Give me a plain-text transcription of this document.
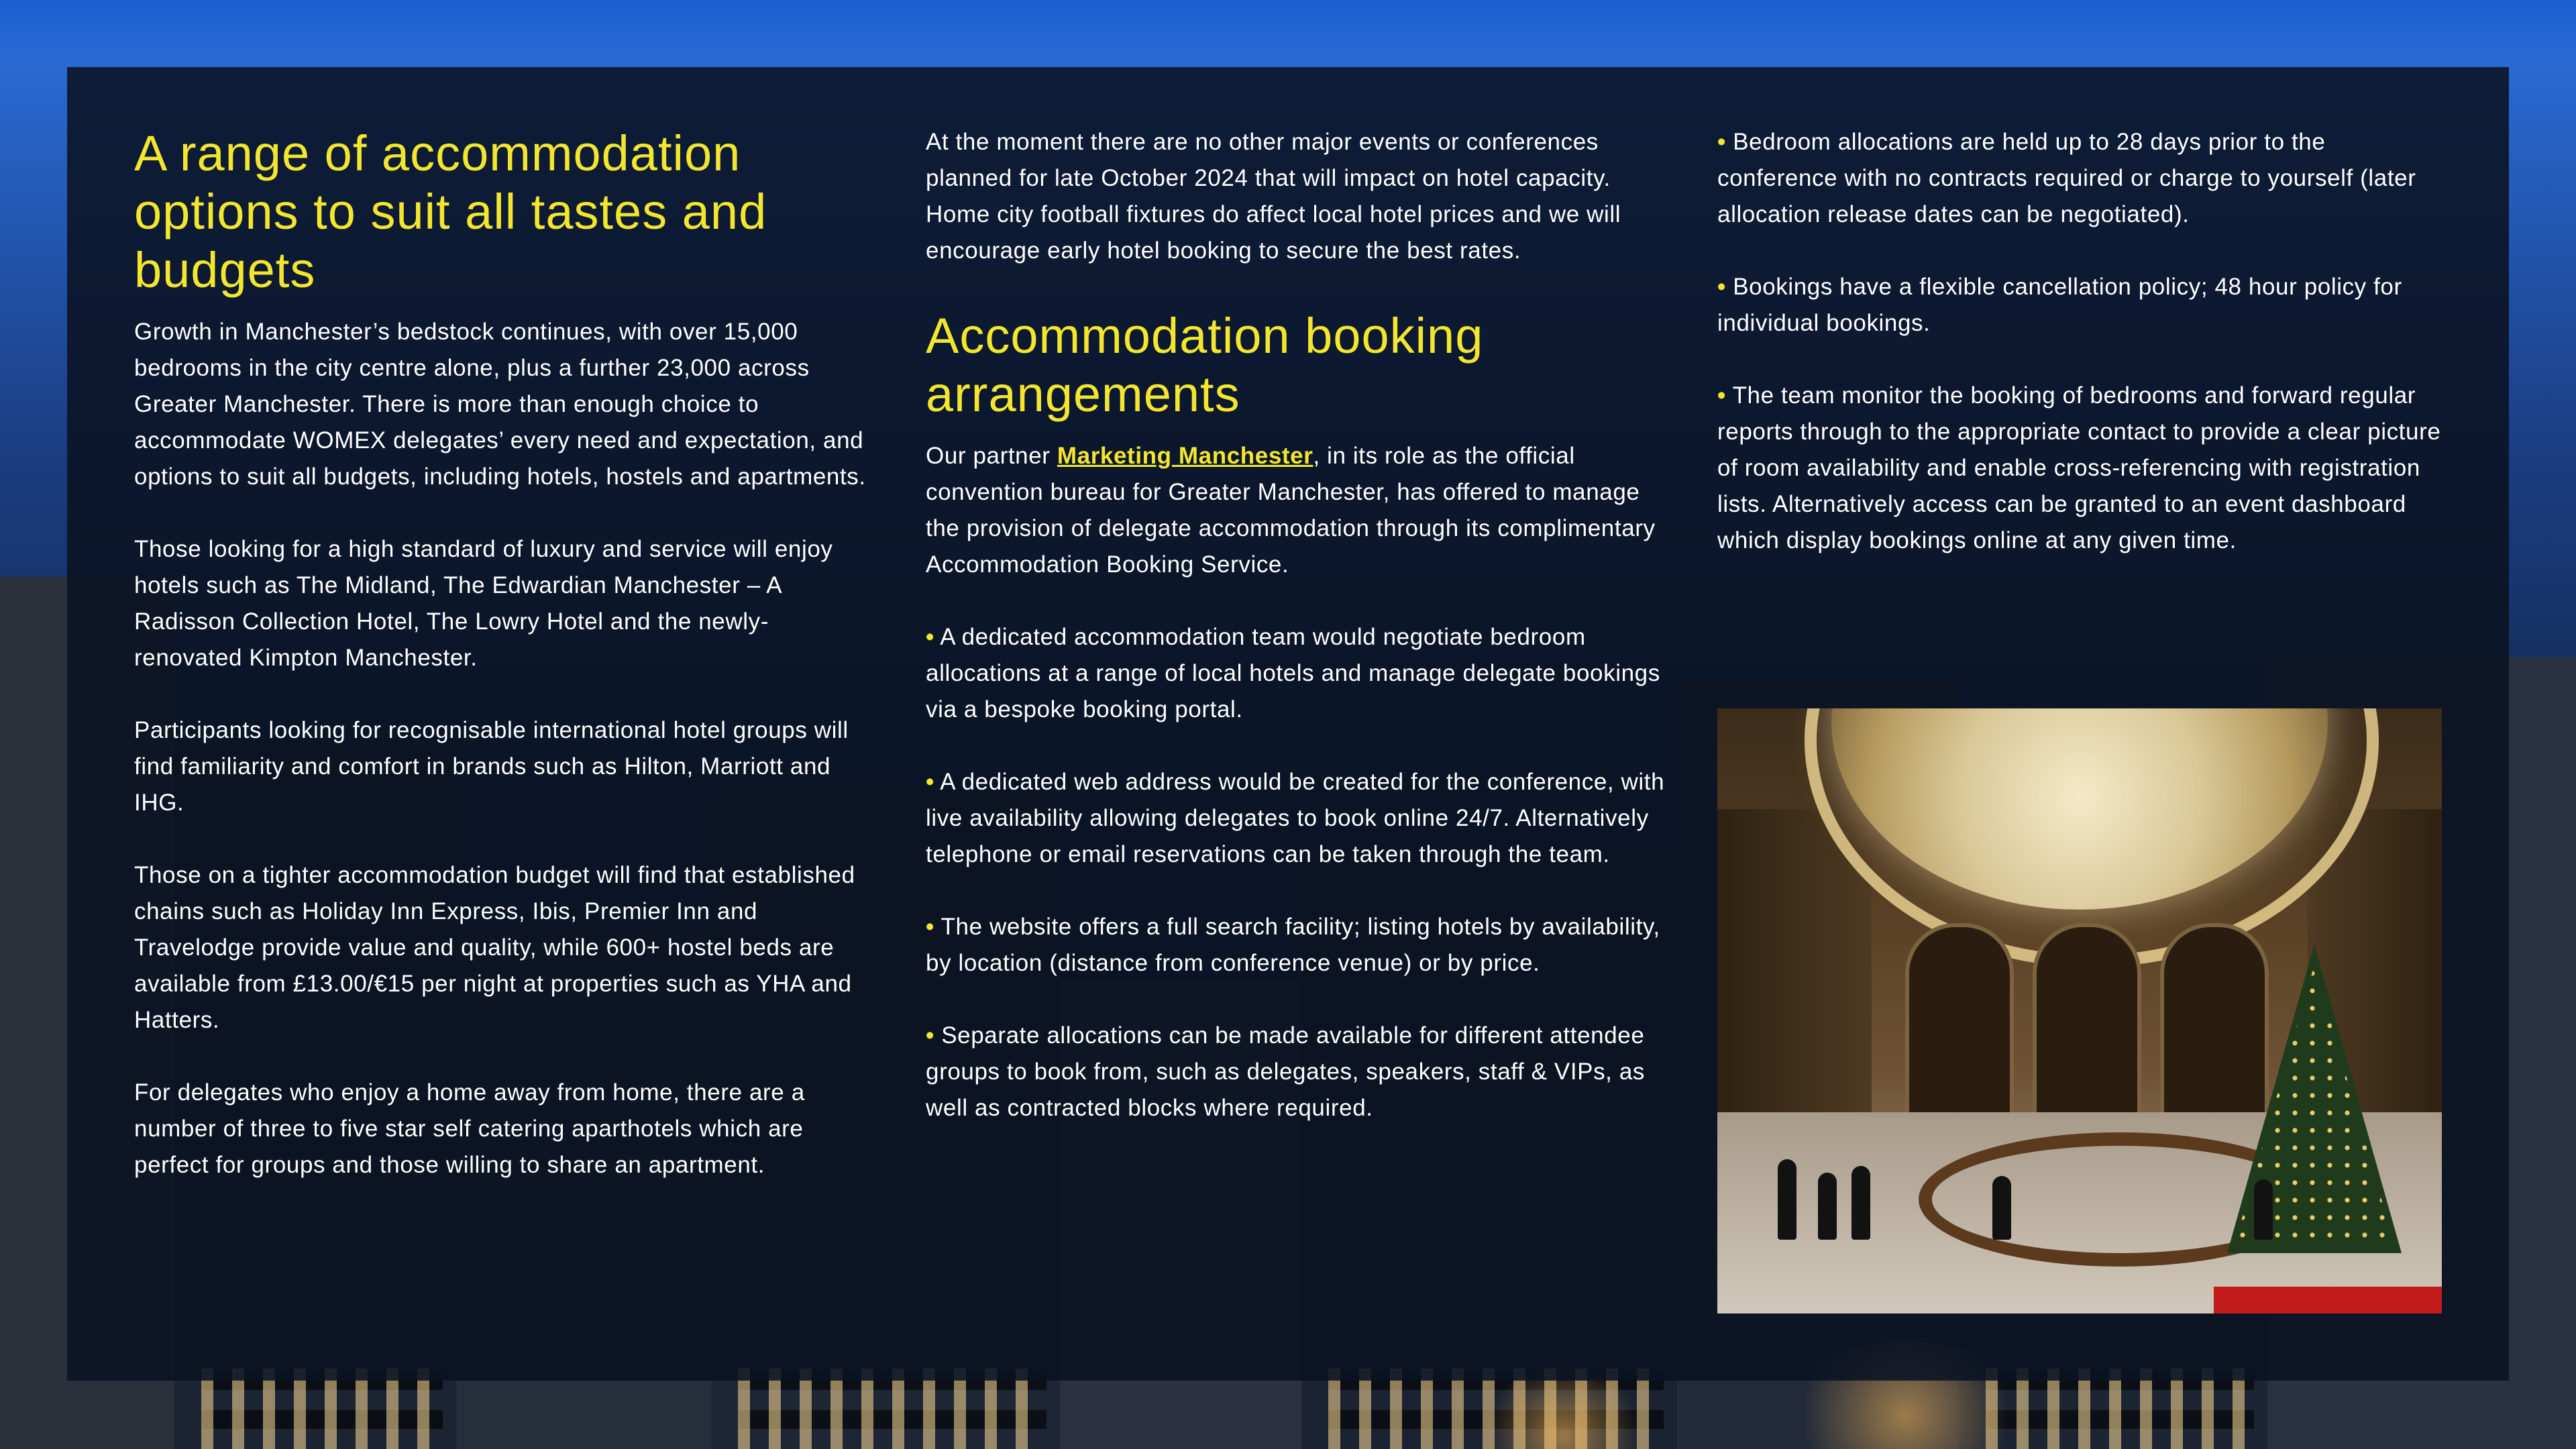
A range of accommodation options to suit all tastes and budgets

Growth in Manchester’s bedstock continues, with over 15,000 bedrooms in the city centre alone, plus a further 23,000 across Greater Manchester. There is more than enough choice to accommodate WOMEX delegates’ every need and expectation, and options to suit all budgets, including hotels, hostels and apartments.

Those looking for a high standard of luxury and service will enjoy hotels such as The Midland, The Edwardian Manchester – A Radisson Collection Hotel, The Lowry Hotel and the newly-renovated Kimpton Manchester.

Participants looking for recognisable international hotel groups will find familiarity and comfort in brands such as Hilton, Marriott and IHG.

Those on a tighter accommodation budget will find that established chains such as Holiday Inn Express, Ibis, Premier Inn and Travelodge provide value and quality, while 600+ hostel beds are available from £13.00/€15 per night at properties such as YHA and Hatters.

For delegates who enjoy a home away from home, there are a number of three to five star self catering aparthotels which are perfect for groups and those willing to share an apartment.

At the moment there are no other major events or conferences planned for late October 2024 that will impact on hotel capacity. Home city football fixtures do affect local hotel prices and we will encourage early hotel booking to secure the best rates.

Accommodation booking arrangements

Our partner Marketing Manchester, in its role as the official convention bureau for Greater Manchester, has offered to manage the provision of delegate accommodation through its complimentary Accommodation Booking Service.

• A dedicated accommodation team would negotiate bedroom allocations at a range of local hotels and manage delegate bookings via a bespoke booking portal.

• A dedicated web address would be created for the conference, with live availability allowing delegates to book online 24/7. Alternatively telephone or email reservations can be taken through the team.

• The website offers a full search facility; listing hotels by availability, by location (distance from conference venue) or by price.

• Separate allocations can be made available for different attendee groups to book from, such as delegates, speakers, staff & VIPs, as well as contracted blocks where required.

• Bedroom allocations are held up to 28 days prior to the conference with no contracts required or charge to yourself (later allocation release dates can be negotiated).

• Bookings have a flexible cancellation policy; 48 hour policy for individual bookings.

• The team monitor the booking of bedrooms and forward regular reports through to the appropriate contact to provide a clear picture of room availability and enable cross-referencing with registration lists. Alternatively access can be granted to an event dashboard which display bookings online at any given time.
